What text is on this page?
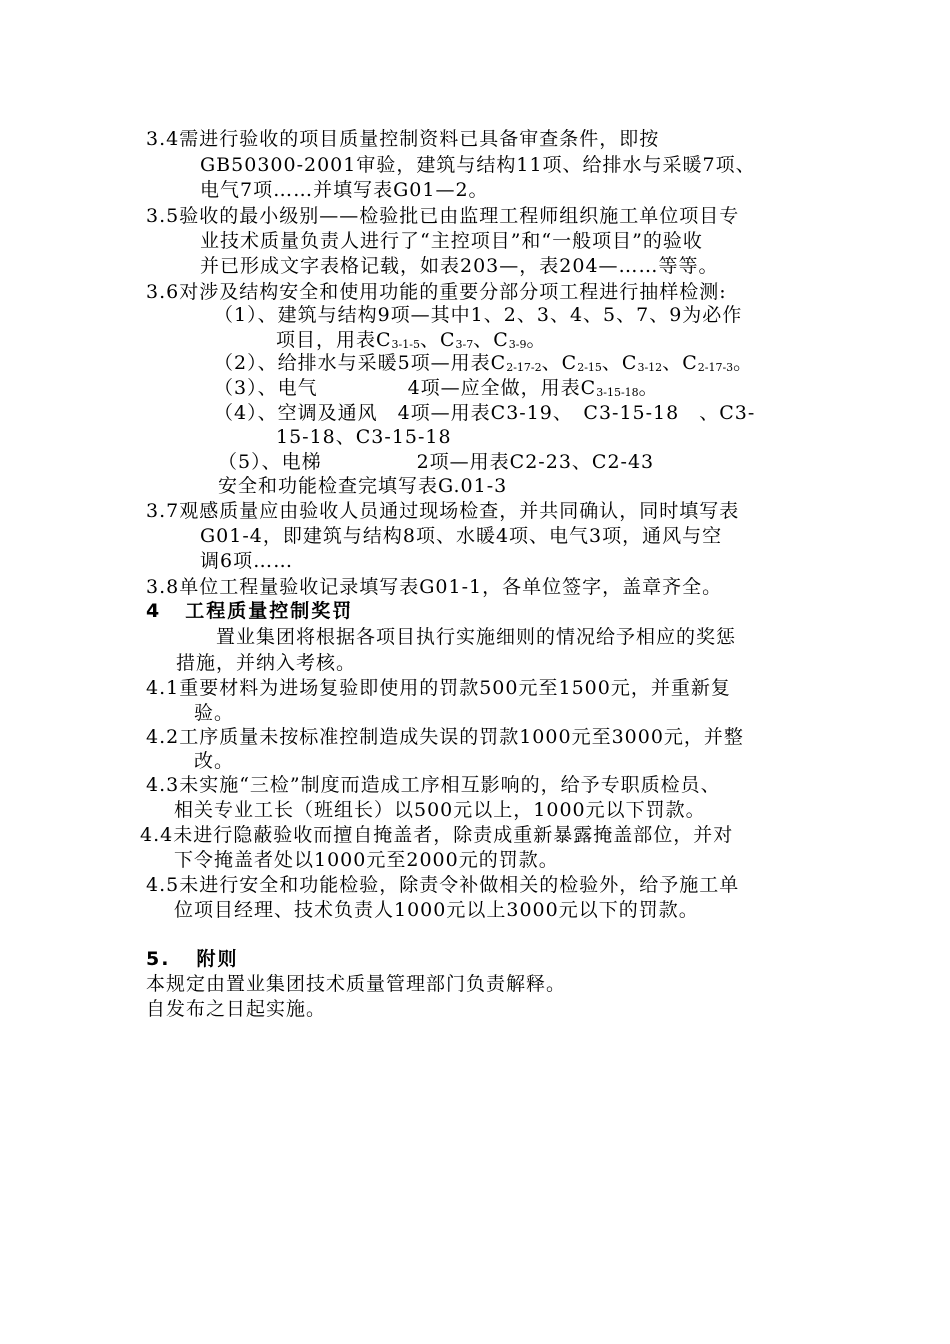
3.4需进行验收的项目质量控制资料已具备审查条件，即按
GB50300-2001审验，建筑与结构11项、给排水与采暖7项、
电气7项……并填写表G01—2。
3.5验收的最小级别——检验批已由监理工程师组织施工单位项目专
业技术质量负责人进行了“主控项目”和“一般项目”的验收
并已形成文字表格记载，如表203—，表204—……等等。
3.6对涉及结构安全和使用功能的重要分部分项工程进行抽样检测:
（1）、建筑与结构9项—其中1、2、3、4、5、7、9为必作
项目，用表C3-1-5、C3-7、C3-9。
（2）、给排水与采暖5项—用表C2-17-2、C2-15、C3-12、C2-17-3。
（3）、电气	4项—应全做，用表C3-15-18。
（4）、空调及通风　4项—用表C3-19、　C3-15-18　、C3-
15-18、C3-15-18
（5）、电梯	2项—用表C2-23、C2-43
安全和功能检查完填写表G.01-3
3.7观感质量应由验收人员通过现场检查，并共同确认，同时填写表
G01-4，即建筑与结构8项、水暖4项、电气3项，通风与空
调6项……
3.8单位工程量验收记录填写表G01-1，各单位签字，盖章齐全。
4 工程质量控制奖罚
置业集团将根据各项目执行实施细则的情况给予相应的奖惩
措施，并纳入考核。
4.1重要材料为进场复验即使用的罚款500元至1500元，并重新复
验。
4.2工序质量未按标准控制造成失误的罚款1000元至3000元，并整
改。
4.3未实施“三检”制度而造成工序相互影响的，给予专职质检员、
相关专业工长（班组长）以500元以上，1000元以下罚款。
4.4未进行隐蔽验收而擅自掩盖者，除责成重新暴露掩盖部位，并对
下令掩盖者处以1000元至2000元的罚款。
4.5未进行安全和功能检验，除责令补做相关的检验外，给予施工单
位项目经理、技术负责人1000元以上3000元以下的罚款。
5. 附则
本规定由置业集团技术质量管理部门负责解释。
自发布之日起实施。
